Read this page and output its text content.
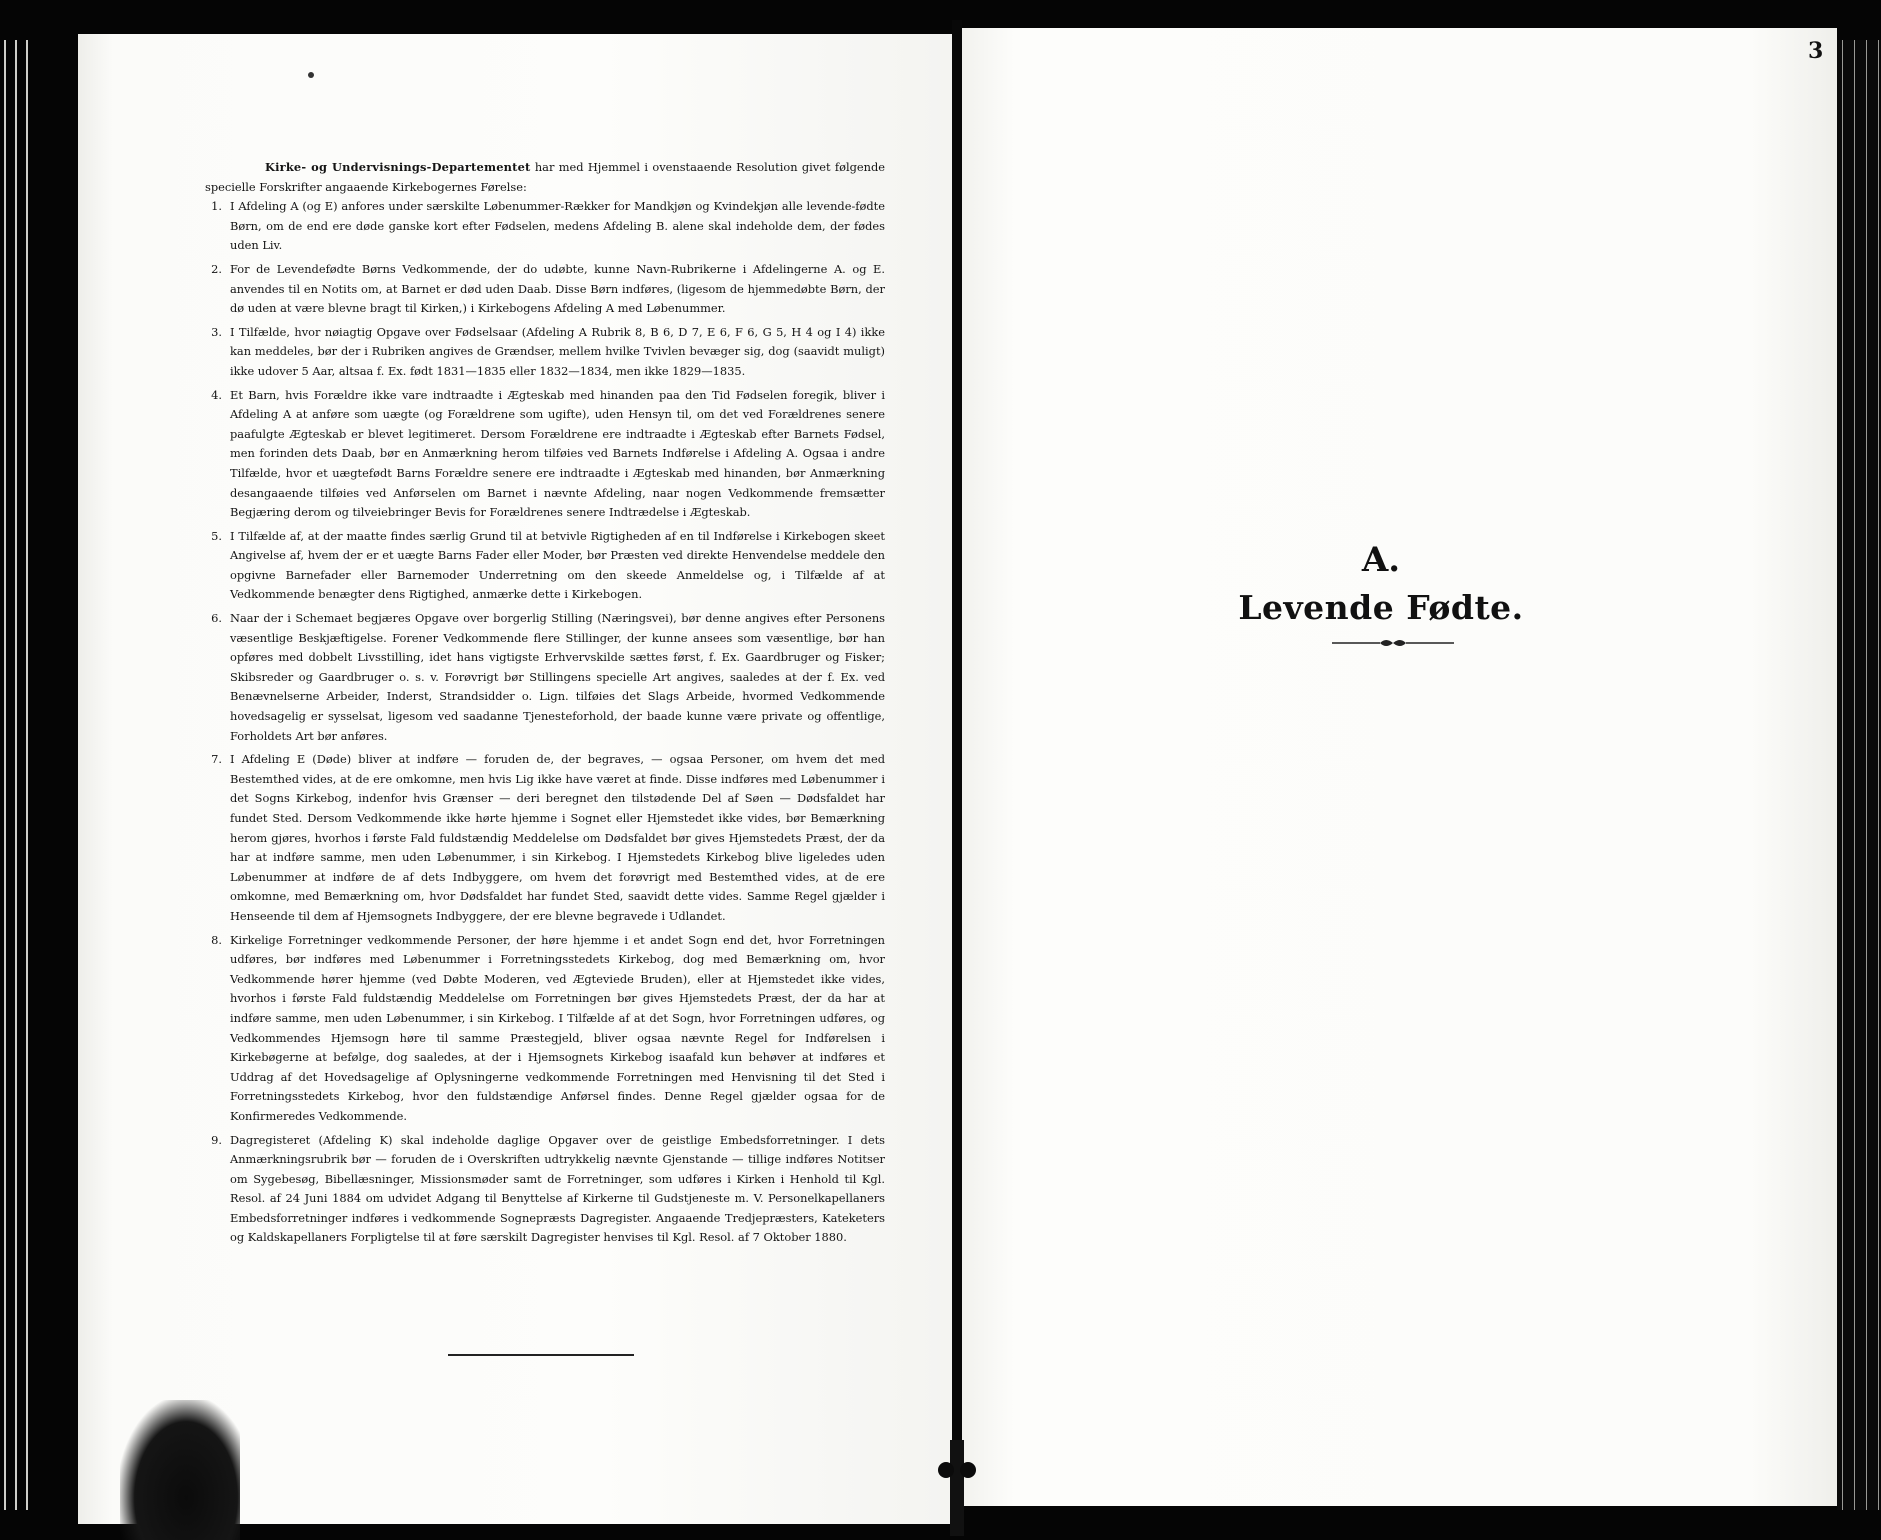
Kirke- og Undervisnings-Departementet har med Hjemmel i ovenstaaende Resolution givet følgende specielle Forskrifter angaaende Kirkebogernes Førelse:

1. I Afdeling A (og E) anfores under særskilte Løbenummer-Rækker for Mandkjøn og Kvindekjøn alle levende-fødte Børn, om de end ere døde ganske kort efter Fødselen, medens Afdeling B. alene skal indeholde dem, der fødes uden Liv.
2. For de Levendefødte Børns Vedkommende, der do udøbte, kunne Navn-Rubrikerne i Afdelingerne A. og E. anvendes til en Notits om, at Barnet er død uden Daab. Disse Børn indføres, (ligesom de hjemmedøbte Børn, der dø uden at være blevne bragt til Kirken,) i Kirkebogens Afdeling A med Løbenummer.
3. I Tilfælde, hvor nøiagtig Opgave over Fødselsaar (Afdeling A Rubrik 8, B 6, D 7, E 6, F 6, G 5, H 4 og I 4) ikke kan meddeles, bør der i Rubriken angives de Grændser, mellem hvilke Tvivlen bevæger sig, dog (saavidt muligt) ikke udover 5 Aar, altsaa f. Ex. født 1831—1835 eller 1832—1834, men ikke 1829—1835.
4. Et Barn, hvis Forældre ikke vare indtraadte i Ægteskab med hinanden paa den Tid Fødselen foregik, bliver i Afdeling A at anføre som uægte (og Forældrene som ugifte), uden Hensyn til, om det ved Forældrenes senere paafulgte Ægteskab er blevet legitimeret. Dersom Forældrene ere indtraadte i Ægteskab efter Barnets Fødsel, men forinden dets Daab, bør en Anmærkning herom tilføies ved Barnets Indførelse i Afdeling A. Ogsaa i andre Tilfælde, hvor et uægtefødt Barns Forældre senere ere indtraadte i Ægteskab med hinanden, bør Anmærkning desangaaende tilføies ved Anførselen om Barnet i nævnte Afdeling, naar nogen Vedkommende fremsætter Begjæring derom og tilveiebringer Bevis for Forældrenes senere Indtrædelse i Ægteskab.
5. I Tilfælde af, at der maatte findes særlig Grund til at betvivle Rigtigheden af en til Indførelse i Kirkebogen skeet Angivelse af, hvem der er et uægte Barns Fader eller Moder, bør Præsten ved direkte Henvendelse meddele den opgivne Barnefader eller Barnemoder Underretning om den skeede Anmeldelse og, i Tilfælde af at Vedkommende benægter dens Rigtighed, anmærke dette i Kirkebogen.
6. Naar der i Schemaet begjæres Opgave over borgerlig Stilling (Næringsvei), bør denne angives efter Personens væsentlige Beskjæftigelse. Forener Vedkommende flere Stillinger, der kunne ansees som væsentlige, bør han opføres med dobbelt Livsstilling, idet hans vigtigste Erhvervskilde sættes først, f. Ex. Gaardbruger og Fisker; Skibsreder og Gaardbruger o. s. v. Forøvrigt bør Stillingens specielle Art angives, saaledes at der f. Ex. ved Benævnelserne Arbeider, Inderst, Strandsidder o. Lign. tilføies det Slags Arbeide, hvormed Vedkommende hovedsagelig er sysselsat, ligesom ved saadanne Tjenesteforhold, der baade kunne være private og offentlige, Forholdets Art bør anføres.
7. I Afdeling E (Døde) bliver at indføre — foruden de, der begraves, — ogsaa Personer, om hvem det med Bestemthed vides, at de ere omkomne, men hvis Lig ikke have været at finde. Disse indføres med Løbenummer i det Sogns Kirkebog, indenfor hvis Grænser — deri beregnet den tilstødende Del af Søen — Dødsfaldet har fundet Sted. Dersom Vedkommende ikke hørte hjemme i Sognet eller Hjemstedet ikke vides, bør Bemærkning herom gjøres, hvorhos i første Fald fuldstændig Meddelelse om Dødsfaldet bør gives Hjemstedets Præst, der da har at indføre samme, men uden Løbenummer, i sin Kirkebog. I Hjemstedets Kirkebog blive ligeledes uden Løbenummer at indføre de af dets Indbyggere, om hvem det forøvrigt med Bestemthed vides, at de ere omkomne, med Bemærkning om, hvor Dødsfaldet har fundet Sted, saavidt dette vides. Samme Regel gjælder i Henseende til dem af Hjemsognets Indbyggere, der ere blevne begravede i Udlandet.
8. Kirkelige Forretninger vedkommende Personer, der høre hjemme i et andet Sogn end det, hvor Forretningen udføres, bør indføres med Løbenummer i Forretningsstedets Kirkebog, dog med Bemærkning om, hvor Vedkommende hører hjemme (ved Døbte Moderen, ved Ægteviede Bruden), eller at Hjemstedet ikke vides, hvorhos i første Fald fuldstændig Meddelelse om Forretningen bør gives Hjemstedets Præst, der da har at indføre samme, men uden Løbenummer, i sin Kirkebog. I Tilfælde af at det Sogn, hvor Forretningen udføres, og Vedkommendes Hjemsogn høre til samme Præstegjeld, bliver ogsaa nævnte Regel for Indførelsen i Kirkebøgerne at befølge, dog saaledes, at der i Hjemsognets Kirkebog isaafald kun behøver at indføres et Uddrag af det Hovedsagelige af Oplysningerne vedkommende Forretningen med Henvisning til det Sted i Forretningsstedets Kirkebog, hvor den fuldstændige Anførsel findes. Denne Regel gjælder ogsaa for de Konfirmeredes Vedkommende.
9. Dagregisteret (Afdeling K) skal indeholde daglige Opgaver over de geistlige Embedsforretninger. I dets Anmærkningsrubrik bør — foruden de i Overskriften udtrykkelig nævnte Gjenstande — tillige indføres Notitser om Sygebesøg, Bibellæsninger, Missionsmøder samt de Forretninger, som udføres i Kirken i Henhold til Kgl. Resol. af 24 Juni 1884 om udvidet Adgang til Benyttelse af Kirkerne til Gudstjeneste m. V. Personelkapellaners Embedsforretninger indføres i vedkommende Sognepræsts Dagregister. Angaaende Tredjepræsters, Kateketers og Kaldskapellaners Forpligtelse til at føre særskilt Dagregister henvises til Kgl. Resol. af 7 Oktober 1880.
3
A.
Levende Fødte.
